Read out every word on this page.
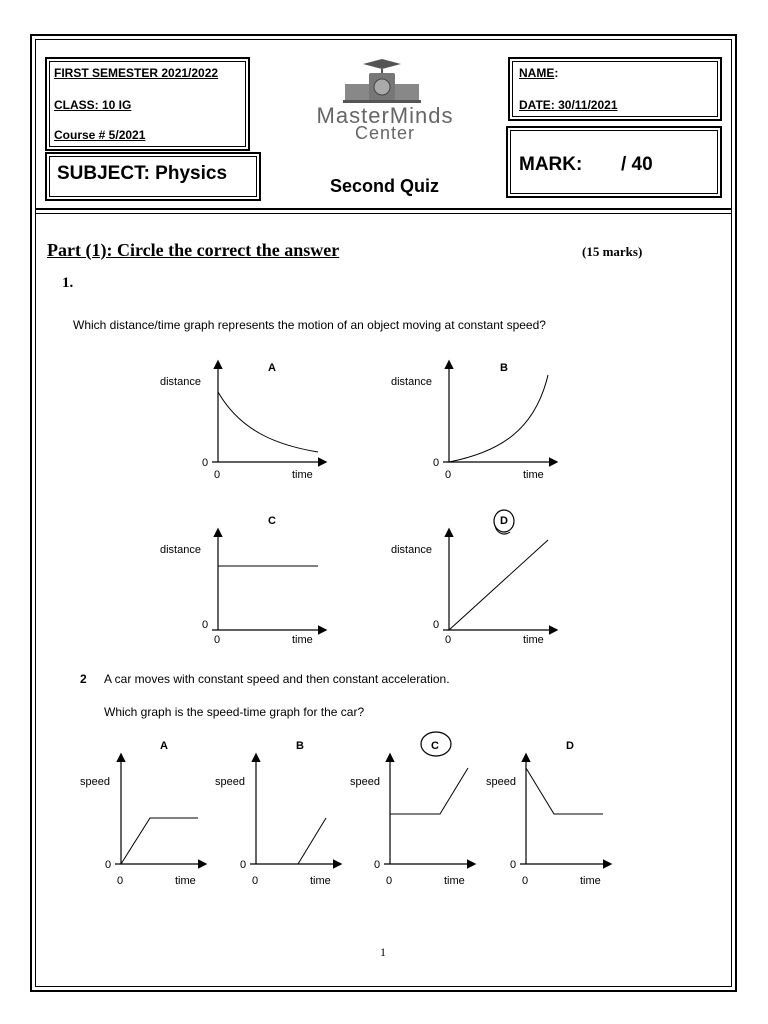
FIRST SEMESTER 2021/2022
CLASS: 10 IG
Course # 5/2021
SUBJECT: Physics
MasterMinds
Center
Second Quiz
NAME:
DATE: 30/11/2021
MARK: / 40
Part (1): Circle the correct the answer	(15 marks)
1.
Which distance/time graph represents the motion of an object moving at constant speed?
A
distance
0
0	time
B
distance
0
0	time
C
distance
0
0	time
D
distance
0
0	time
2 A car moves with constant speed and then constant acceleration.
Which graph is the speed-time graph for the car?
A
speed
0
0	time
B
speed
0
0	time
C
speed
0
0	time
D
speed
0
0	time
1
